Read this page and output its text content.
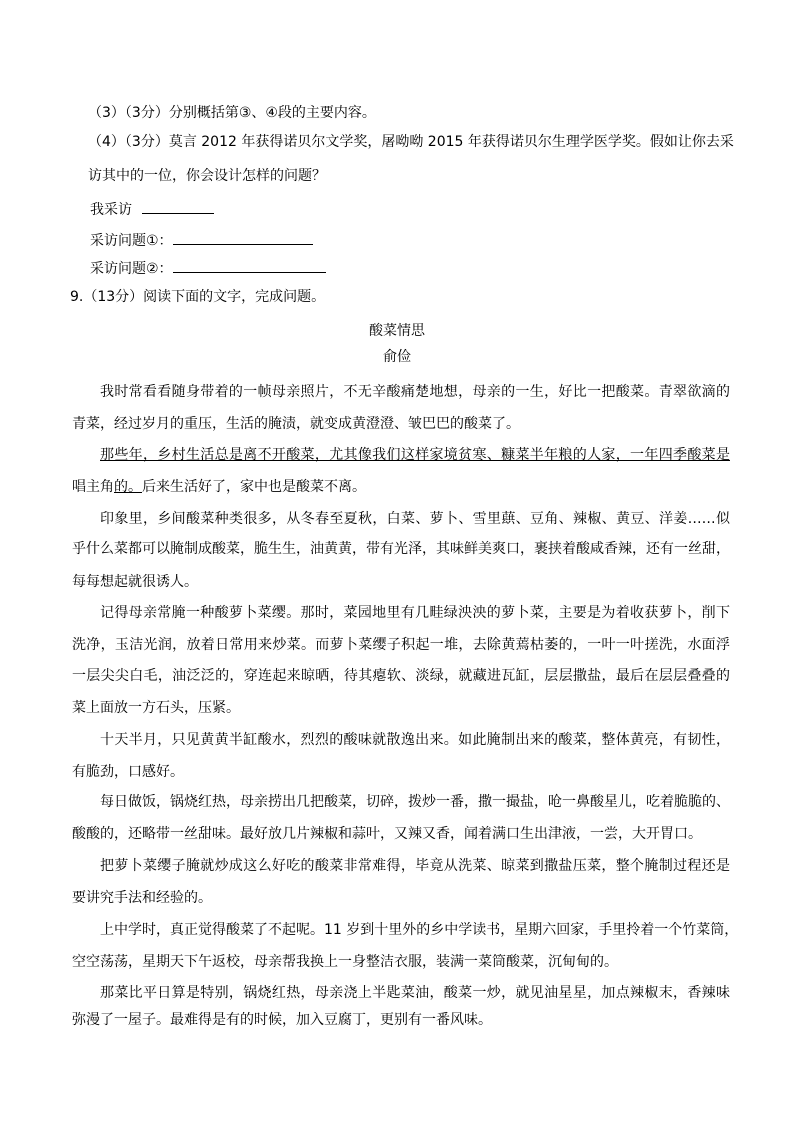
（3）（3分）分别概括第③、④段的主要内容。
（4）（3分）莫言 2012 年获得诺贝尔文学奖，屠呦呦 2015 年获得诺贝尔生理学医学奖。假如让你去采
访其中的一位，你会设计怎样的问题？
我采访
采访问题①：
采访问题②：
9.（13分）阅读下面的文字，完成问题。
酸菜情思
俞俭
我时常看看随身带着的一帧母亲照片，不无辛酸痛楚地想，母亲的一生，好比一把酸菜。青翠欲滴的
青菜，经过岁月的重压，生活的腌渍，就变成黄澄澄、皱巴巴的酸菜了。
那些年，乡村生活总是离不开酸菜，尤其像我们这样家境贫寒、糠菜半年粮的人家，一年四季酸菜是
唱主角的。后来生活好了，家中也是酸菜不离。
印象里，乡间酸菜种类很多，从冬春至夏秋，白菜、萝卜、雪里蕻、豆角、辣椒、黄豆、洋姜……似
乎什么菜都可以腌制成酸菜，脆生生，油黄黄，带有光泽，其味鲜美爽口，裹挟着酸咸香辣，还有一丝甜，
每每想起就很诱人。
记得母亲常腌一种酸萝卜菜缨。那时，菜园地里有几畦绿泱泱的萝卜菜，主要是为着收获萝卜，削下
洗净，玉洁光润，放着日常用来炒菜。而萝卜菜缨子积起一堆，去除黄蔫枯萎的，一叶一叶搓洗，水面浮
一层尖尖白毛，油泛泛的，穿连起来晾晒，待其瘪软、淡绿，就藏进瓦缸，层层撒盐，最后在层层叠叠的
菜上面放一方石头，压紧。
十天半月，只见黄黄半缸酸水，烈烈的酸味就散逸出来。如此腌制出来的酸菜，整体黄亮，有韧性，
有脆劲，口感好。
每日做饭，锅烧红热，母亲捞出几把酸菜，切碎，拨炒一番，撒一撮盐，呛一鼻酸星儿，吃着脆脆的、
酸酸的，还略带一丝甜味。最好放几片辣椒和蒜叶，又辣又香，闻着满口生出津液，一尝，大开胃口。
把萝卜菜缨子腌就炒成这么好吃的酸菜非常难得，毕竟从洗菜、晾菜到撒盐压菜，整个腌制过程还是
要讲究手法和经验的。
上中学时，真正觉得酸菜了不起呢。11 岁到十里外的乡中学读书，星期六回家，手里拎着一个竹菜筒，
空空荡荡，星期天下午返校，母亲帮我换上一身整洁衣服，装满一菜筒酸菜，沉甸甸的。
那菜比平日算是特别，锅烧红热，母亲浇上半匙菜油，酸菜一炒，就见油星星，加点辣椒末，香辣味
弥漫了一屋子。最难得是有的时候，加入豆腐丁，更别有一番风味。
